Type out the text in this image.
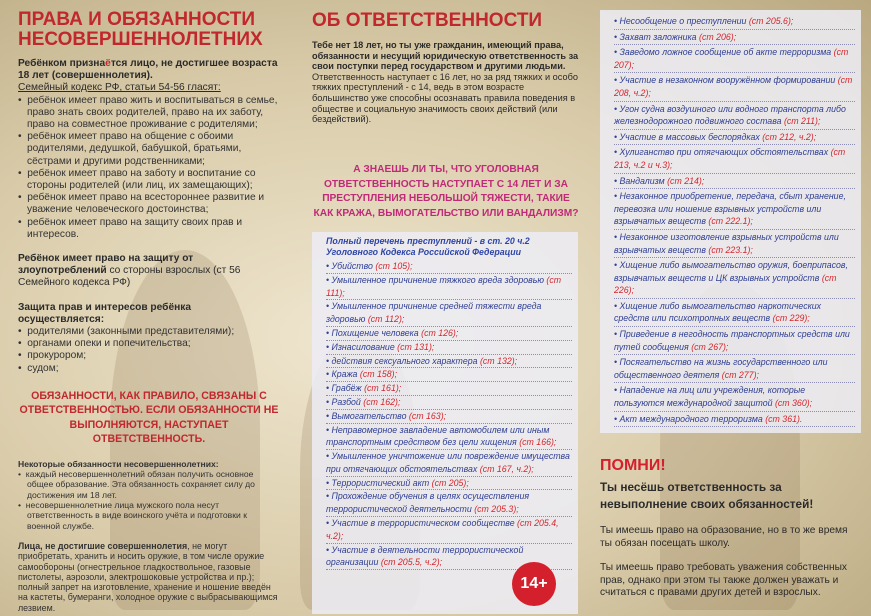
ПРАВА И ОБЯЗАННОСТИ НЕСОВЕРШЕННОЛЕТНИХ

Ребёнком признаётся лицо, не достигшее возраста 18 лет (совершеннолетия).

Семейный кодекс РФ, статьи 54-56 гласят:

•  ребёнок имеет право жить и воспитываться в семье, право знать своих родителей, право на их заботу, право на совместное проживание с родителями;

•  ребёнок имеет право на общение с обоими родителями, дедушкой, бабушкой, братьями, сёстрами и другими родственниками;

•  ребёнок имеет право на заботу и воспитание со стороны родителей (или лиц, их замещающих);

•  ребёнок имеет право на всестороннее развитие и уважение человеческого достоинства;

•  ребёнок имеет право на защиту своих прав и интересов.

Ребёнок имеет право на защиту от злоупотреблений со стороны взрослых (ст 56 Семейного кодекса РФ)

Защита прав и интересов ребёнка осуществляется:

•  родителями (законными представителями);

•  органами опеки и попечительства;

•  прокурором;

•  судом;

ОБЯЗАННОСТИ, КАК ПРАВИЛО, СВЯЗАНЫ С ОТВЕТСТВЕННОСТЬЮ. ЕСЛИ ОБЯЗАННОСТИ НЕ ВЫПОЛНЯЮТСЯ, НАСТУПАЕТ ОТВЕТСТВЕННОСТЬ.

Некоторые обязанности несовершеннолетних:

•  каждый несовершеннолетний обязан получить основное общее образование. Эта обязанность сохраняет силу до достижения им 18 лет.

•  несовершеннолетние лица мужского пола несут ответственность в виде воинского учёта и подготовки к военной службе.

Лица, не достигшие совершеннолетия, не могут приобретать, хранить и носить оружие, в том числе оружие самообороны (огнестрельное гладкоствольное, газовые пистолеты, аэрозоли, электрошоковые устройства и пр.); полный запрет на изготовление, хранение и ношение введён на кастеты, бумеранги, холодное оружие с выбрасывающимся лезвием.

ОБ ОТВЕТСТВЕННОСТИ

Тебе нет 18 лет, но ты уже гражданин, имеющий права, обязанности и несущий юридическую ответственность за свои поступки перед государством и другими людьми.

Ответственность наступает с 16 лет, но за ряд тяжких и особо тяжких преступлений - с 14, ведь в этом возрасте большинство уже способны осознавать правила поведения в обществе и социальную значимость своих действий (или бездействий).

А ЗНАЕШЬ ЛИ ТЫ, ЧТО УГОЛОВНАЯ ОТВЕТСТВЕННОСТЬ НАСТУПАЕТ С 14 ЛЕТ И ЗА ПРЕСТУПЛЕНИЯ НЕБОЛЬШОЙ ТЯЖЕСТИ, ТАКИЕ КАК КРАЖА, ВЫМОГАТЕЛЬСТВО ИЛИ ВАНДАЛИЗМ?

Полный перечень преступлений - в ст. 20 ч.2 Уголовного Кодекса Российской Федерации

• Убийство (ст 105);

• Умышленное причинение тяжкого вреда здоровью (ст 111);

• Умышленное причинение средней тяжести вреда здоровью (ст 112);

• Похищение человека (ст 126);

• Изнасилование (ст 131);

• действия сексуального характера (ст 132);

• Кража (ст 158);

• Грабёж (ст 161);

• Разбой (ст 162);

• Вымогательство (ст 163);

• Неправомерное завладение автомобилем или иным транспортным средством без цели хищения (ст 166);

• Умышленное уничтожение или повреждение имущества при отягчающих обстоятельствах (ст 167, ч.2);

• Террористический акт (ст 205);

• Прохождение обучения в целях осуществления террористической деятельности (ст 205.3);

• Участие в террористическом сообществе (ст 205.4, ч.2);

• Участие в деятельности террористической организации (ст 205.5, ч.2);

14+

• Несообщение о преступлении (ст 205.6);

• Захват заложника (ст 206);

• Заведомо ложное сообщение об акте терроризма (ст 207);

• Участие в незаконном вооружённом формировании (ст 208, ч.2);

• Угон судна воздушного или водного транспорта либо железнодорожного подвижного состава (ст 211);

• Участие в массовых беспорядках (ст 212, ч.2);

• Хулиганство при отягчающих обстоятельствах (ст 213, ч.2 и ч.3);

• Вандализм (ст 214);

• Незаконное приобретение, передача, сбыт хранение, перевозка или ношение взрывных устройств или взрывчатых веществ (ст 222.1);

• Незаконное изготовление взрывных устройств или взрывчатых веществ (ст 223.1);

• Хищение либо вымогательство оружия, боеприпасов, взрывчатых веществ и ЦК взрывных устройств (ст 226);

• Хищение либо вымогательство наркотических средств или психотропных веществ (ст 229);

• Приведение в негодность транспортных средств или путей сообщения (ст 267);

• Посягательство на жизнь государственного или общественного деятеля (ст 277);

• Нападение на лиц или учреждения, которые пользуются международной защитой (ст 360);

• Акт международного терроризма (ст 361).

ПОМНИ!

Ты несёшь ответственность за невыполнение своих обязанностей!

Ты имеешь право на образование, но в то же время ты обязан посещать школу.

Ты имеешь право требовать уважения собственных прав, однако при этом ты также должен уважать и считаться с правами других детей и взрослых.
